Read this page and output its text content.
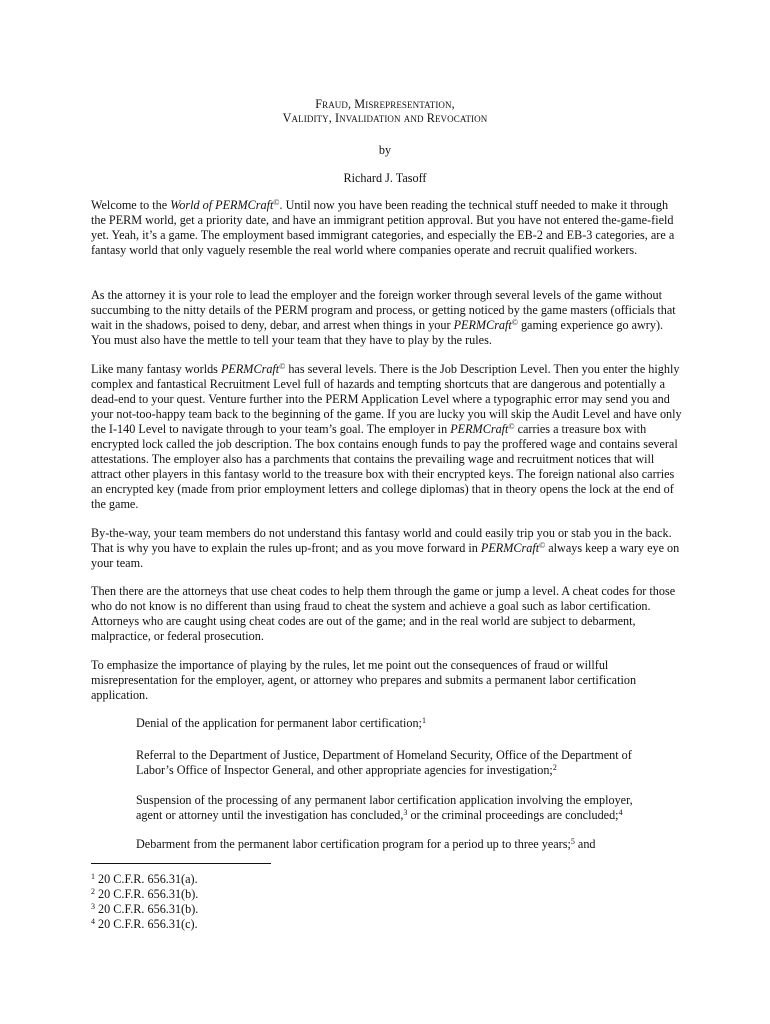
Fraud, Misrepresentation,
Validity, Invalidation and Revocation
by
Richard J. Tasoff

Welcome to the World of PERMCraft©. Until now you have been reading the technical stuff needed to make it through the PERM world, get a priority date, and have an immigrant petition approval. But you have not entered the-game-field yet. Yeah, it’s a game. The employment based immigrant categories, and especially the EB-2 and EB-3 categories, are a fantasy world that only vaguely resemble the real world where companies operate and recruit qualified workers.

As the attorney it is your role to lead the employer and the foreign worker through several levels of the game without succumbing to the nitty details of the PERM program and process, or getting noticed by the game masters (officials that wait in the shadows, poised to deny, debar, and arrest when things in your PERMCraft© gaming experience go awry). You must also have the mettle to tell your team that they have to play by the rules.

Like many fantasy worlds PERMCraft© has several levels. There is the Job Description Level. Then you enter the highly complex and fantastical Recruitment Level full of hazards and tempting shortcuts that are dangerous and potentially a dead-end to your quest. Venture further into the PERM Application Level where a typographic error may send you and your not-too-happy team back to the beginning of the game. If you are lucky you will skip the Audit Level and have only the I-140 Level to navigate through to your team’s goal. The employer in PERMCraft© carries a treasure box with encrypted lock called the job description. The box contains enough funds to pay the proffered wage and contains several attestations. The employer also has a parchments that contains the prevailing wage and recruitment notices that will attract other players in this fantasy world to the treasure box with their encrypted keys. The foreign national also carries an encrypted key (made from prior employment letters and college diplomas) that in theory opens the lock at the end of the game.

By-the-way, your team members do not understand this fantasy world and could easily trip you or stab you in the back. That is why you have to explain the rules up-front; and as you move forward in PERMCraft© always keep a wary eye on your team.

Then there are the attorneys that use cheat codes to help them through the game or jump a level. A cheat codes for those who do not know is no different than using fraud to cheat the system and achieve a goal such as labor certification. Attorneys who are caught using cheat codes are out of the game; and in the real world are subject to debarment, malpractice, or federal prosecution.

To emphasize the importance of playing by the rules, let me point out the consequences of fraud or willful misrepresentation for the employer, agent, or attorney who prepares and submits a permanent labor certification application.

Denial of the application for permanent labor certification;$^1$

Referral to the Department of Justice, Department of Homeland Security, Office of the Department of Labor’s Office of Inspector General, and other appropriate agencies for investigation;$^2$

Suspension of the processing of any permanent labor certification application involving the employer, agent or attorney until the investigation has concluded,$^3$ or the criminal proceedings are concluded;$^4$

Debarment from the permanent labor certification program for a period up to three years;$^5$ and

$^1$ 20 C.F.R. 656.31(a).
$^2$ 20 C.F.R. 656.31(b).
$^3$ 20 C.F.R. 656.31(b).
$^4$ 20 C.F.R. 656.31(c).
